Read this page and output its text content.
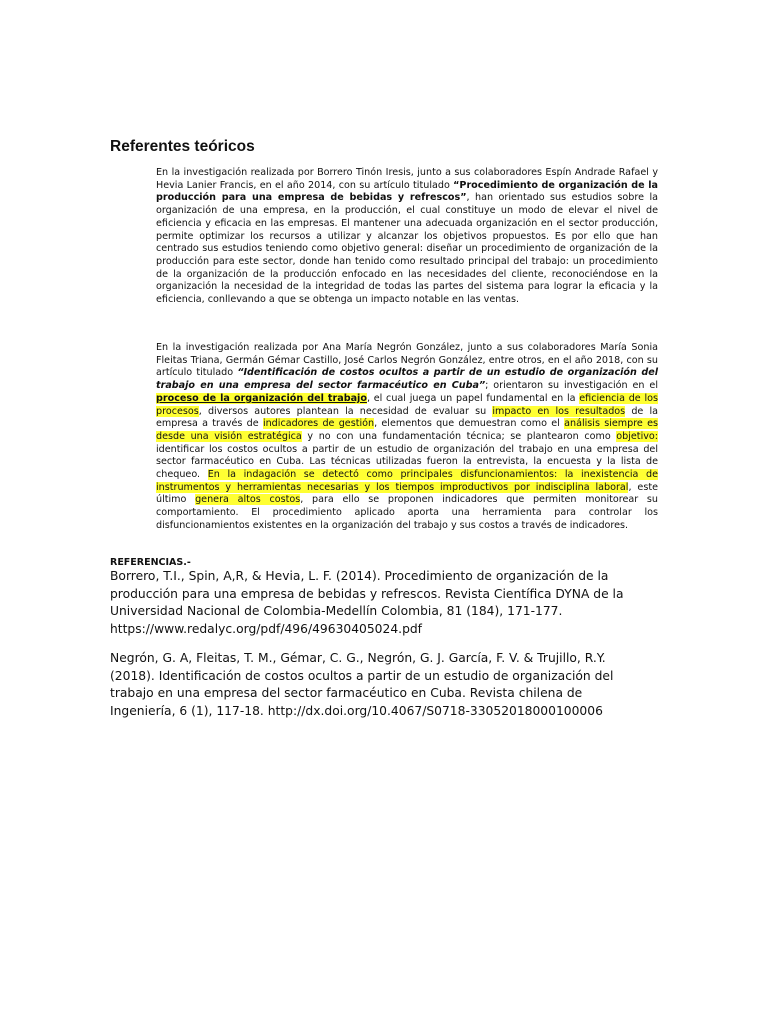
Referentes teóricos

En la investigación realizada por Borrero Tinón Iresis, junto a sus colaboradores Espín Andrade Rafael y Hevia Lanier Francis, en el año 2014, con su artículo titulado “Procedimiento de organización de la producción para una empresa de bebidas y refrescos”, han orientado sus estudios sobre la organización de una empresa, en la producción, el cual constituye un modo de elevar el nivel de eficiencia y eficacia en las empresas. El mantener una adecuada organización en el sector producción, permite optimizar los recursos a utilizar y alcanzar los objetivos propuestos. Es por ello que han centrado sus estudios teniendo como objetivo general: diseñar un procedimiento de organización de la producción para este sector, donde han tenido como resultado principal del trabajo: un procedimiento de la organización de la producción enfocado en las necesidades del cliente, reconociéndose en la organización la necesidad de la integridad de todas las partes del sistema para lograr la eficacia y la eficiencia, conllevando a que se obtenga un impacto notable en las ventas.

En la investigación realizada por Ana María Negrón González, junto a sus colaboradores María Sonia Fleitas Triana, Germán Gémar Castillo, José Carlos Negrón González, entre otros, en el año 2018, con su artículo titulado “Identificación de costos ocultos a partir de un estudio de organización del trabajo en una empresa del sector farmacéutico en Cuba”; orientaron su investigación en el proceso de la organización del trabajo, el cual juega un papel fundamental en la eficiencia de los procesos, diversos autores plantean la necesidad de evaluar su impacto en los resultados de la empresa a través de indicadores de gestión, elementos que demuestran como el análisis siempre es desde una visión estratégica y no con una fundamentación técnica; se plantearon como objetivo: identificar los costos ocultos a partir de un estudio de organización del trabajo en una empresa del sector farmacéutico en Cuba. Las técnicas utilizadas fueron la entrevista, la encuesta y la lista de chequeo. En la indagación se detectó como principales disfuncionamientos: la inexistencia de instrumentos y herramientas necesarias y los tiempos improductivos por indisciplina laboral, este último genera altos costos, para ello se proponen indicadores que permiten monitorear su comportamiento. El procedimiento aplicado aporta una herramienta para controlar los disfuncionamientos existentes en la organización del trabajo y sus costos a través de indicadores.

REFERENCIAS.-

Borrero, T.I., Spin, A,R, & Hevia, L. F. (2014). Procedimiento de organización de la producción para una empresa de bebidas y refrescos. Revista Científica DYNA de la Universidad Nacional de Colombia-Medellín Colombia, 81 (184), 171-177. https://www.redalyc.org/pdf/496/49630405024.pdf

Negrón, G. A, Fleitas, T. M., Gémar, C. G., Negrón, G. J. García, F. V. & Trujillo, R.Y. (2018). Identificación de costos ocultos a partir de un estudio de organización del trabajo en una empresa del sector farmacéutico en Cuba. Revista chilena de Ingeniería, 6 (1), 117-18. http://dx.doi.org/10.4067/S0718-33052018000100006
